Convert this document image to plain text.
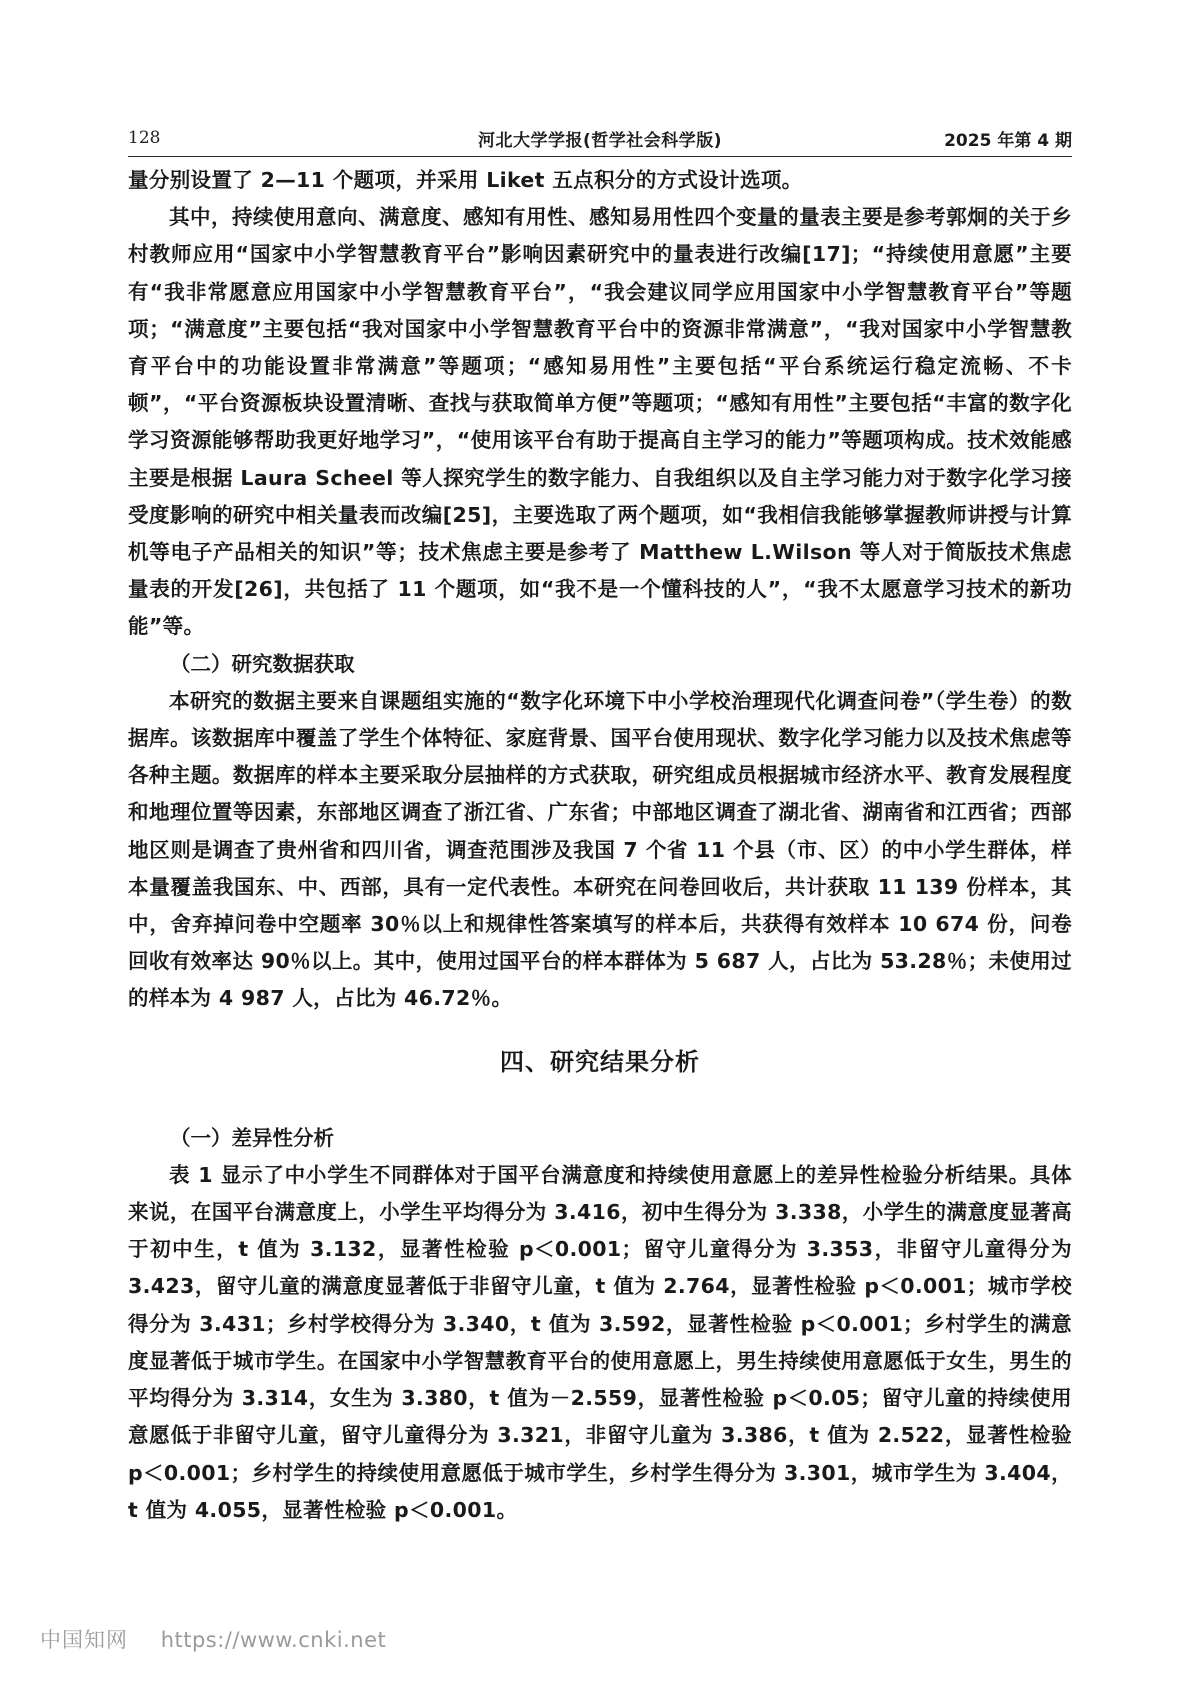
128	河北大学学报(哲学社会科学版)	2025 年第 4 期

量分别设置了 2—11 个题项，并采用 Liket 五点积分的方式设计选项。

其中，持续使用意向、满意度、感知有用性、感知易用性四个变量的量表主要是参考郭炯的关于乡村教师应用“国家中小学智慧教育平台”影响因素研究中的量表进行改编[17]；“持续使用意愿”主要有“我非常愿意应用国家中小学智慧教育平台”，“我会建议同学应用国家中小学智慧教育平台”等题项；“满意度”主要包括“我对国家中小学智慧教育平台中的资源非常满意”，“我对国家中小学智慧教育平台中的功能设置非常满意”等题项；“感知易用性”主要包括“平台系统运行稳定流畅、不卡顿”，“平台资源板块设置清晰、查找与获取简单方便”等题项；“感知有用性”主要包括“丰富的数字化学习资源能够帮助我更好地学习”，“使用该平台有助于提高自主学习的能力”等题项构成。技术效能感主要是根据 Laura Scheel 等人探究学生的数字能力、自我组织以及自主学习能力对于数字化学习接受度影响的研究中相关量表而改编[25]，主要选取了两个题项，如“我相信我能够掌握教师讲授与计算机等电子产品相关的知识”等；技术焦虑主要是参考了 Matthew L.Wilson 等人对于简版技术焦虑量表的开发[26]，共包括了 11 个题项，如“我不是一个懂科技的人”，“我不太愿意学习技术的新功能”等。

（二）研究数据获取

本研究的数据主要来自课题组实施的“数字化环境下中小学校治理现代化调查问卷”（学生卷）的数据库。该数据库中覆盖了学生个体特征、家庭背景、国平台使用现状、数字化学习能力以及技术焦虑等各种主题。数据库的样本主要采取分层抽样的方式获取，研究组成员根据城市经济水平、教育发展程度和地理位置等因素，东部地区调查了浙江省、广东省；中部地区调查了湖北省、湖南省和江西省；西部地区则是调查了贵州省和四川省，调查范围涉及我国 7 个省 11 个县（市、区）的中小学生群体，样本量覆盖我国东、中、西部，具有一定代表性。本研究在问卷回收后，共计获取 11 139 份样本，其中，舍弃掉问卷中空题率 30％以上和规律性答案填写的样本后，共获得有效样本 10 674 份，问卷回收有效率达 90％以上。其中，使用过国平台的样本群体为 5 687 人，占比为 53.28％；未使用过的样本为 4 987 人，占比为 46.72％。

四、研究结果分析

（一）差异性分析

表 1 显示了中小学生不同群体对于国平台满意度和持续使用意愿上的差异性检验分析结果。具体来说，在国平台满意度上，小学生平均得分为 3.416，初中生得分为 3.338，小学生的满意度显著高于初中生，t 值为 3.132，显著性检验 p＜0.001；留守儿童得分为 3.353，非留守儿童得分为 3.423，留守儿童的满意度显著低于非留守儿童，t 值为 2.764，显著性检验 p＜0.001；城市学校得分为 3.431；乡村学校得分为 3.340，t 值为 3.592，显著性检验 p＜0.001；乡村学生的满意度显著低于城市学生。在国家中小学智慧教育平台的使用意愿上，男生持续使用意愿低于女生，男生的平均得分为 3.314，女生为 3.380，t 值为－2.559，显著性检验 p＜0.05；留守儿童的持续使用意愿低于非留守儿童，留守儿童得分为 3.321，非留守儿童为 3.386，t 值为 2.522，显著性检验 p＜0.001；乡村学生的持续使用意愿低于城市学生，乡村学生得分为 3.301，城市学生为 3.404，t 值为 4.055，显著性检验 p＜0.001。

中国知网 https://www.cnki.net
